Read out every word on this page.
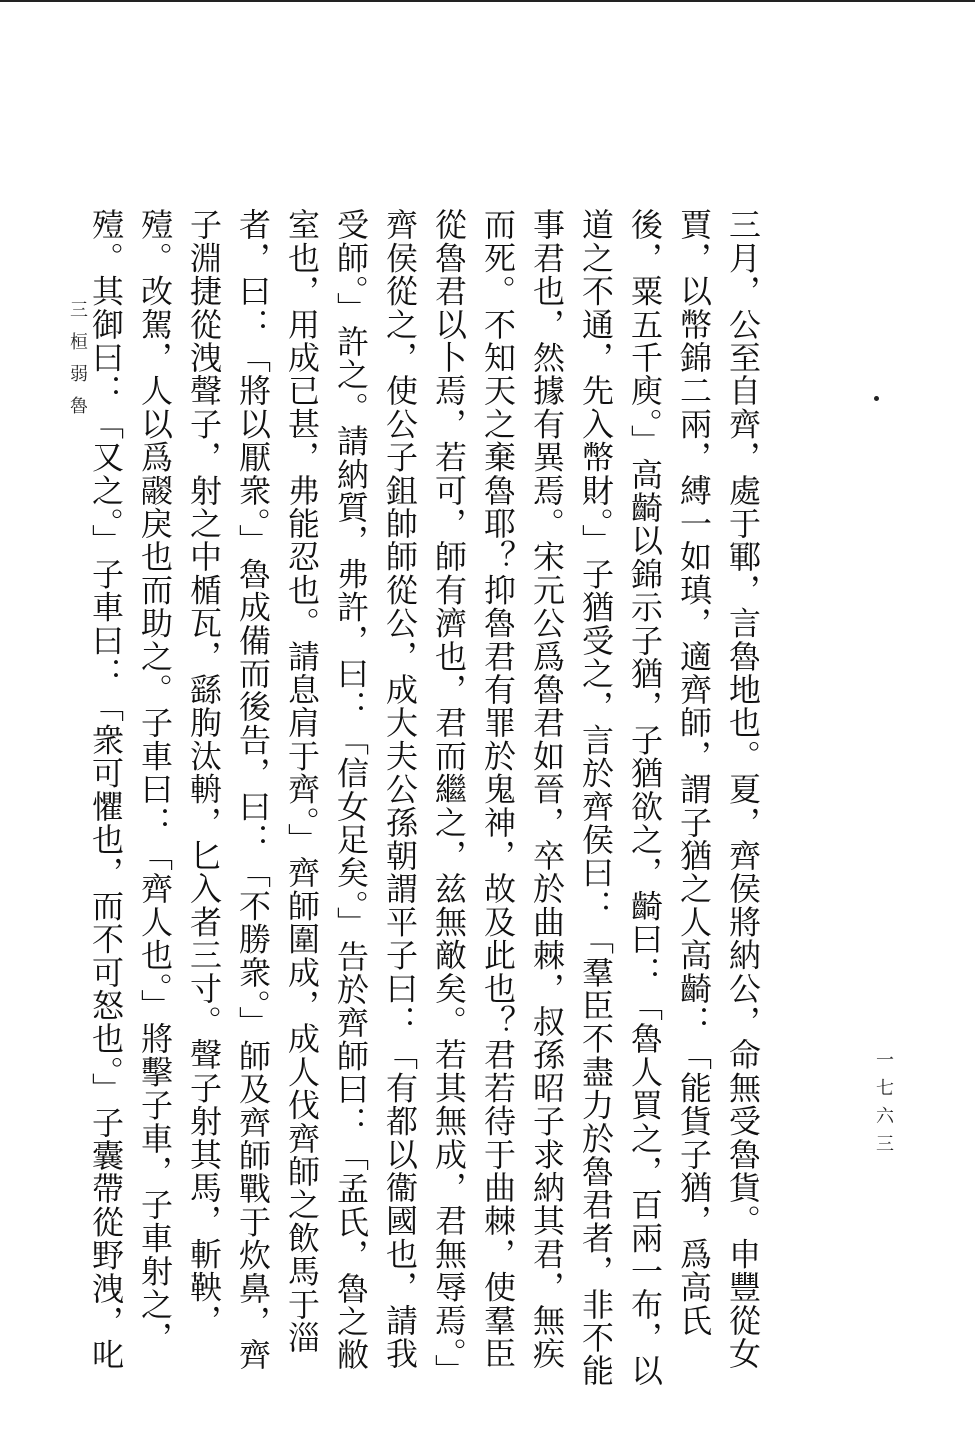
三月，公至自齊，處于鄆，言魯地也。夏，齊侯將納公，命無受魯貨。申豐從女賈，以幣錦二兩，縛一如瑱，適齊師，謂子猶之人高齮：「能貨子猶，爲高氏後，粟五千庾。」高齮以錦示子猶，子猶欲之，齮曰：「魯人買之，百兩一布，以道之不通，先入幣財。」子猶受之，言於齊侯曰：「羣臣不盡力於魯君者，非不能事君也，然據有異焉。宋元公爲魯君如晉，卒於曲棘，叔孫昭子求納其君，無疾而死。不知天之棄魯耶？抑魯君有罪於鬼神，故及此也？君若待于曲棘，使羣臣從魯君以卜焉，若可，師有濟也，君而繼之，兹無敵矣。若其無成，君無辱焉。」齊侯從之，使公子鉏帥師從公，成大夫公孫朝謂平子曰：「有都以衞國也，請我受師。」許之。請納質，弗許，曰：「信女足矣。」告於齊師曰：「孟氏，魯之敝室也，用成已甚，弗能忍也。請息肩于齊。」齊師圍成，成人伐齊師之飲馬于淄者，曰：「將以厭衆。」魯成備而後告，曰：「不勝衆。」師及齊師戰于炊鼻，齊子淵捷從洩聲子，射之中楯瓦，繇朐汰輈，匕入者三寸。聲子射其馬，斬鞅，殪。改駕，人以爲鬷戾也而助之。子車曰：「齊人也。」將擊子車，子車射之，殪。其御曰：「又之。」子車曰：「衆可懼也，而不可怒也。」子囊帶從野洩，叱

三桓弱魯
一七六三
